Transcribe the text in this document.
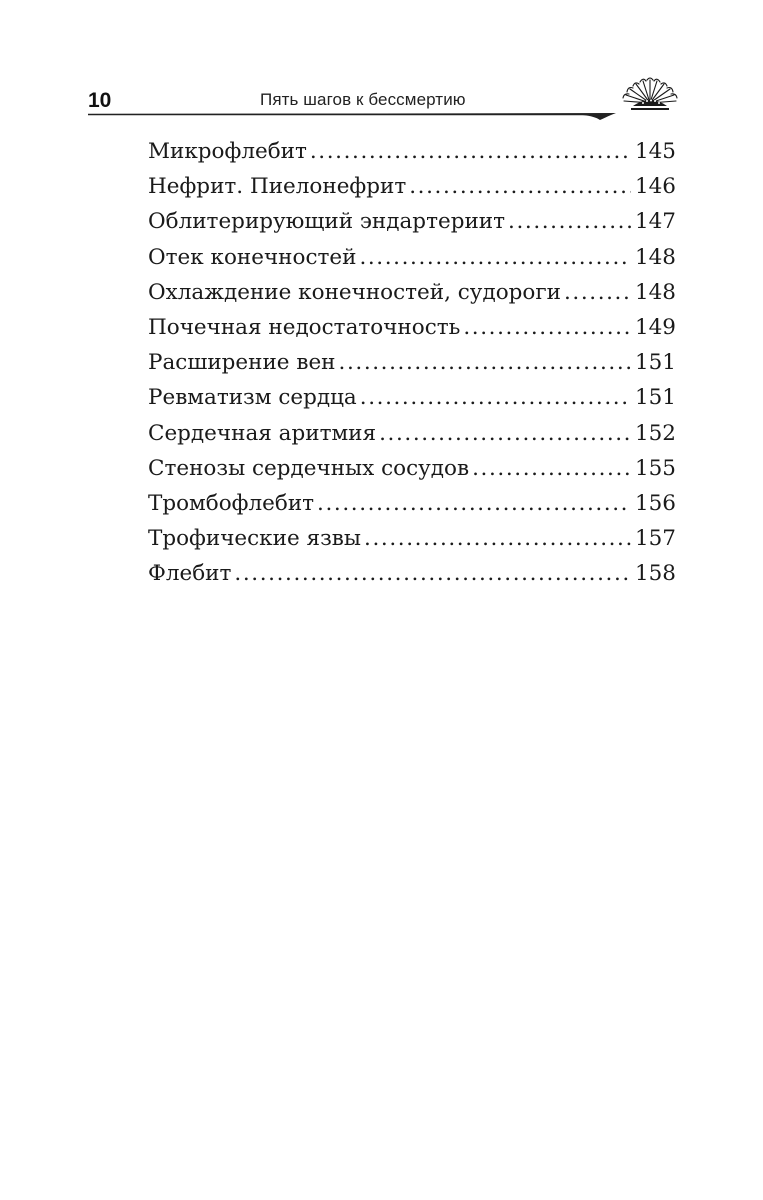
10	Пять шагов к бессмертию
Микрофлебит .....	145
Нефрит. Пиелонефрит .....	146
Облитерирующий эндартериит .....	147
Отек конечностей .....	148
Охлаждение конечностей, судороги .....	148
Почечная недостаточность .....	149
Расширение вен .....	151
Ревматизм сердца .....	151
Сердечная аритмия .....	152
Стенозы сердечных сосудов .....	155
Тромбофлебит .....	156
Трофические язвы .....	157
Флебит .....	158
